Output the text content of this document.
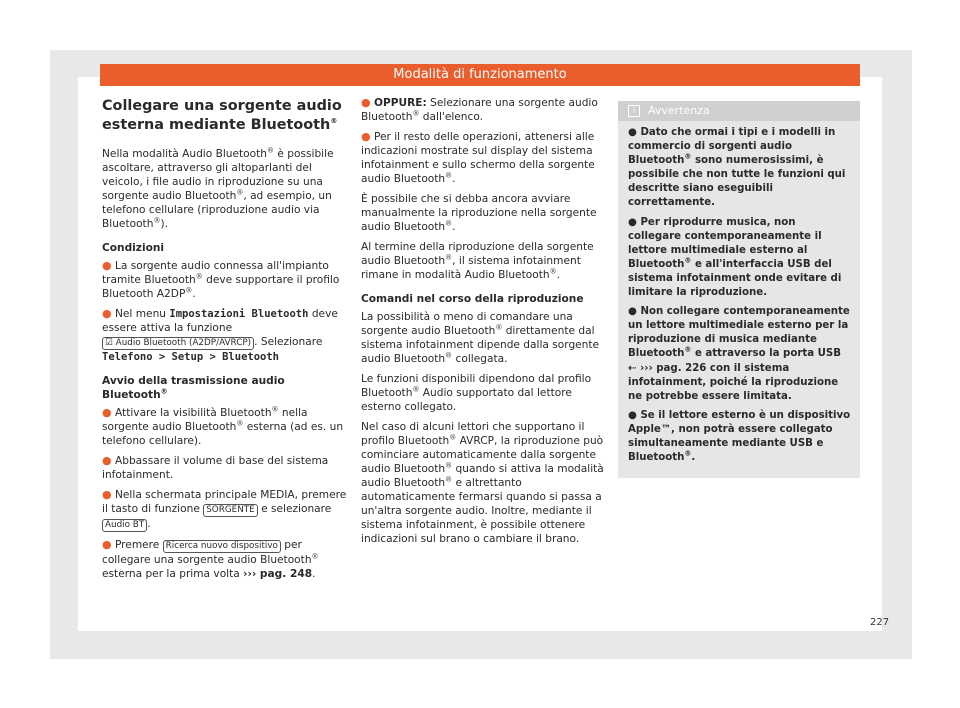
Modalità di funzionamento
Collegare una sorgente audio
esterna mediante Bluetooth®

Nella modalità Audio Bluetooth® è possibile ascoltare, attraverso gli altoparlanti del veicolo, i file audio in riproduzione su una sorgente audio Bluetooth®, ad esempio, un telefono cellulare (riproduzione audio via Bluetooth®).

Condizioni
● La sorgente audio connessa all'impianto tramite Bluetooth® deve supportare il profilo Bluetooth A2DP®.
● Nel menu Impostazioni Bluetooth deve essere attiva la funzione
☑ Audio Bluetooth (A2DP/AVRCP) . Selezionare
Telefono > Setup > Bluetooth
Avvio della trasmissione audio Bluetooth®
● Attivare la visibilità Bluetooth® nella sorgente audio Bluetooth® esterna (ad es. un telefono cellulare).
● Abbassare il volume di base del sistema infotainment.
● Nella schermata principale MEDIA, premere il tasto di funzione SORGENTE e selezionare
Audio BT .
● Premere Ricerca nuovo dispositivo per collegare una sorgente audio Bluetooth® esterna per la prima volta ››› pag. 248.
● OPPURE: Selezionare una sorgente audio Bluetooth® dall'elenco.
● Per il resto delle operazioni, attenersi alle indicazioni mostrate sul display del sistema infotainment e sullo schermo della sorgente audio Bluetooth®.

È possibile che si debba ancora avviare manualmente la riproduzione nella sorgente audio Bluetooth®.

Al termine della riproduzione della sorgente audio Bluetooth®, il sistema infotainment rimane in modalità Audio Bluetooth®.

Comandi nel corso della riproduzione

La possibilità o meno di comandare una sorgente audio Bluetooth® direttamente dal sistema infotainment dipende dalla sorgente audio Bluetooth® collegata.

Le funzioni disponibili dipendono dal profilo Bluetooth® Audio supportato dal lettore esterno collegato.

Nel caso di alcuni lettori che supportano il profilo Bluetooth® AVRCP, la riproduzione può cominciare automaticamente dalla sorgente audio Bluetooth® quando si attiva la modalità audio Bluetooth® e altrettanto automaticamente fermarsi quando si passa a un'altra sorgente audio. Inoltre, mediante il sistema infotainment, è possibile ottenere indicazioni sul brano o cambiare il brano.

i Avvertenza
● Dato che ormai i tipi e i modelli in commercio di sorgenti audio Bluetooth® sono numerosissimi, è possibile che non tutte le funzioni qui descritte siano eseguibili correttamente.
● Per riprodurre musica, non collegare contemporaneamente il lettore multimediale esterno al Bluetooth® e all'interfaccia USB del sistema infotainment onde evitare di limitare la riproduzione.
● Non collegare contemporaneamente un lettore multimediale esterno per la riproduzione di musica mediante Bluetooth® e attraverso la porta USB ⇠ ››› pag. 226 con il sistema infotainment, poiché la riproduzione ne potrebbe essere limitata.
● Se il lettore esterno è un dispositivo Apple™, non potrà essere collegato simultaneamente mediante USB e Bluetooth®.
227
